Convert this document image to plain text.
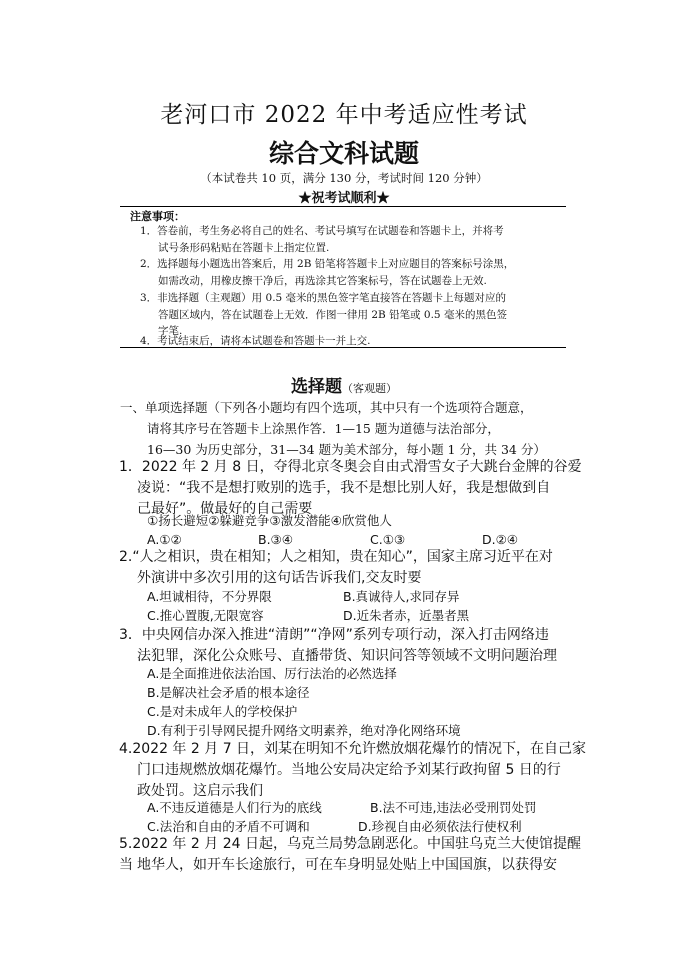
老河口市 2022 年中考适应性考试
综合文科试题
（本试卷共 10 页，满分 130 分，考试时间 120 分钟）
★祝考试顺利★
注意事项：
1．答卷前，考生务必将自己的姓名、考试号填写在试题卷和答题卡上，并将考
试号条形码粘贴在答题卡上指定位置.
2．选择题每小题选出答案后，用 2B 铅笔将答题卡上对应题目的答案标号涂黑，
如需改动，用橡皮擦干净后，再选涂其它答案标号，答在试题卷上无效.
3．非选择题（主观题）用 0.5 毫米的黑色签字笔直接答在答题卡上每题对应的
答题区域内，答在试题卷上无效．作图一律用 2B 铅笔或 0.5 毫米的黑色签
字笔.
4．考试结束后，请将本试题卷和答题卡一并上交.
选择题（客观题）
一、单项选择题（下列各小题均有四个选项，其中只有一个选项符合题意，
请将其序号在答题卡上涂黑作答．1—15 题为道德与法治部分，
16—30 为历史部分，31—34 题为美术部分，每小题 1 分，共 34 分）
1．2022 年 2 月 8 日，夺得北京冬奥会自由式滑雪女子大跳台金牌的谷爱
凌说：“我不是想打败别的选手，我不是想比别人好，我是想做到自
己最好”。做最好的自己需要
①扬长避短②躲避竞争③激发潜能④欣赏他人
A.①②	B.③④	C.①③	D.②④
2.“人之相识，贵在相知；人之相知，贵在知心”，国家主席习近平在对
外演讲中多次引用的这句话告诉我们,交友时要
A.坦诚相待，不分界限	B.真诚待人,求同存异
C.推心置腹,无限宽容	D.近朱者赤，近墨者黑
3．中央网信办深入推进“清朗”“净网”系列专项行动，深入打击网络违
法犯罪，深化公众账号、直播带货、知识问答等领域不文明问题治理
A.是全面推进依法治国、厉行法治的必然选择
B.是解决社会矛盾的根本途径
C.是对未成年人的学校保护
D.有利于引导网民提升网络文明素养，绝对净化网络环境
4.2022 年 2 月 7 日，刘某在明知不允许燃放烟花爆竹的情况下，在自己家
门口违规燃放烟花爆竹。当地公安局决定给予刘某行政拘留 5 日的行
政处罚。这启示我们
A.不违反道德是人们行为的底线	B.法不可违,违法必受刑罚处罚
C.法治和自由的矛盾不可调和	D.珍视自由必须依法行使权利
5.2022 年 2 月 24 日起，乌克兰局势急剧恶化。中国驻乌克兰大使馆提醒当 地华人，如开车长途旅行，可在车身明显处贴上中国国旗，以获得安
